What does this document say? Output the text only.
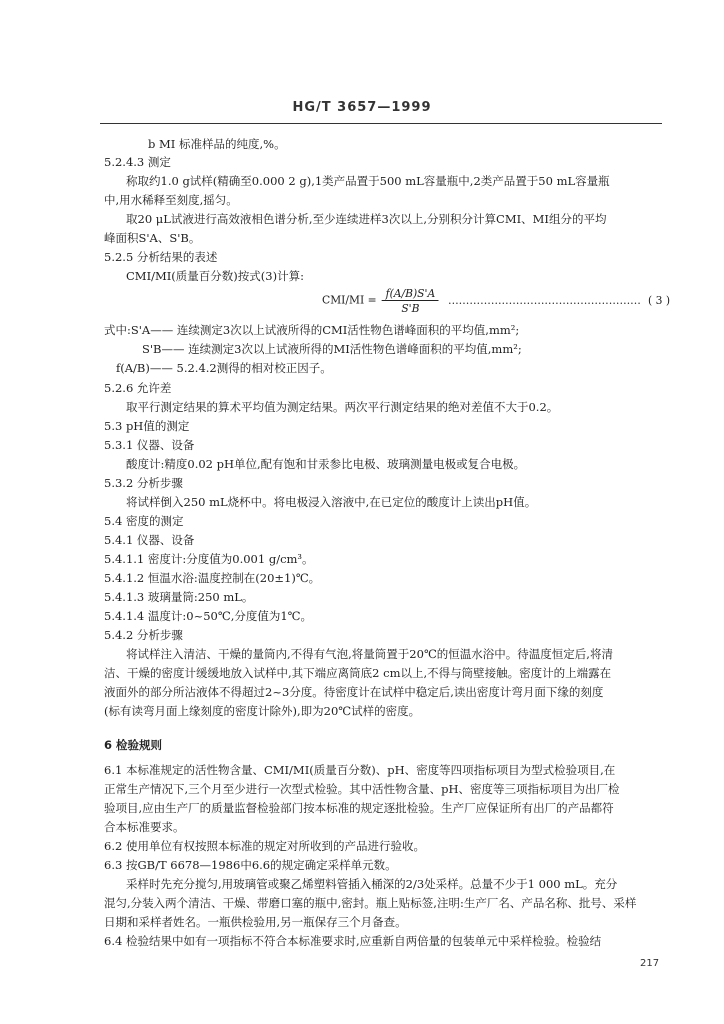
HG/T 3657—1999
b MI 标准样品的纯度,%。
5.2.4.3 测定
称取约1.0 g试样(精确至0.000 2 g),1类产品置于500 mL容量瓶中,2类产品置于50 mL容量瓶
中,用水稀释至刻度,摇匀。
取20 μL试液进行高效液相色谱分析,至少连续进样3次以上,分别积分计算CMI、MI组分的平均
峰面积S'A、S'B。
5.2.5 分析结果的表述
CMI/MI(质量百分数)按式(3)计算:
$CMI/MI = \frac{f(A/B)S'A}{S'B}$ ……………………………………………… ( 3 )
式中:S'A—— 连续测定3次以上试液所得的CMI活性物色谱峰面积的平均值,mm²;
S'B—— 连续测定3次以上试液所得的MI活性物色谱峰面积的平均值,mm²;
f(A/B)—— 5.2.4.2测得的相对校正因子。
5.2.6 允许差
取平行测定结果的算术平均值为测定结果。两次平行测定结果的绝对差值不大于0.2。
5.3 pH值的测定
5.3.1 仪器、设备
酸度计:精度0.02 pH单位,配有饱和甘汞参比电极、玻璃测量电极或复合电极。
5.3.2 分析步骤
将试样倒入250 mL烧杯中。将电极浸入溶液中,在已定位的酸度计上读出pH值。
5.4 密度的测定
5.4.1 仪器、设备
5.4.1.1 密度计:分度值为0.001 g/cm³。
5.4.1.2 恒温水浴:温度控制在(20±1)℃。
5.4.1.3 玻璃量筒:250 mL。
5.4.1.4 温度计:0~50℃,分度值为1℃。
5.4.2 分析步骤
将试样注入清洁、干燥的量筒内,不得有气泡,将量筒置于20℃的恒温水浴中。待温度恒定后,将清
洁、干燥的密度计缓缓地放入试样中,其下端应离筒底2 cm以上,不得与筒壁接触。密度计的上端露在
液面外的部分所沾液体不得超过2~3分度。待密度计在试样中稳定后,读出密度计弯月面下缘的刻度
(标有读弯月面上缘刻度的密度计除外),即为20℃试样的密度。
6 检验规则
6.1 本标准规定的活性物含量、CMI/MI(质量百分数)、pH、密度等四项指标项目为型式检验项目,在
正常生产情况下,三个月至少进行一次型式检验。其中活性物含量、pH、密度等三项指标项目为出厂检
验项目,应由生产厂的质量监督检验部门按本标准的规定逐批检验。生产厂应保证所有出厂的产品都符
合本标准要求。
6.2 使用单位有权按照本标准的规定对所收到的产品进行验收。
6.3 按GB/T 6678—1986中6.6的规定确定采样单元数。
采样时先充分搅匀,用玻璃管或聚乙烯塑料管插入桶深的2/3处采样。总量不少于1 000 mL。充分
混匀,分装入两个清洁、干燥、带磨口塞的瓶中,密封。瓶上贴标签,注明:生产厂名、产品名称、批号、采样
日期和采样者姓名。一瓶供检验用,另一瓶保存三个月备查。
6.4 检验结果中如有一项指标不符合本标准要求时,应重新自两倍量的包装单元中采样检验。检验结
217
